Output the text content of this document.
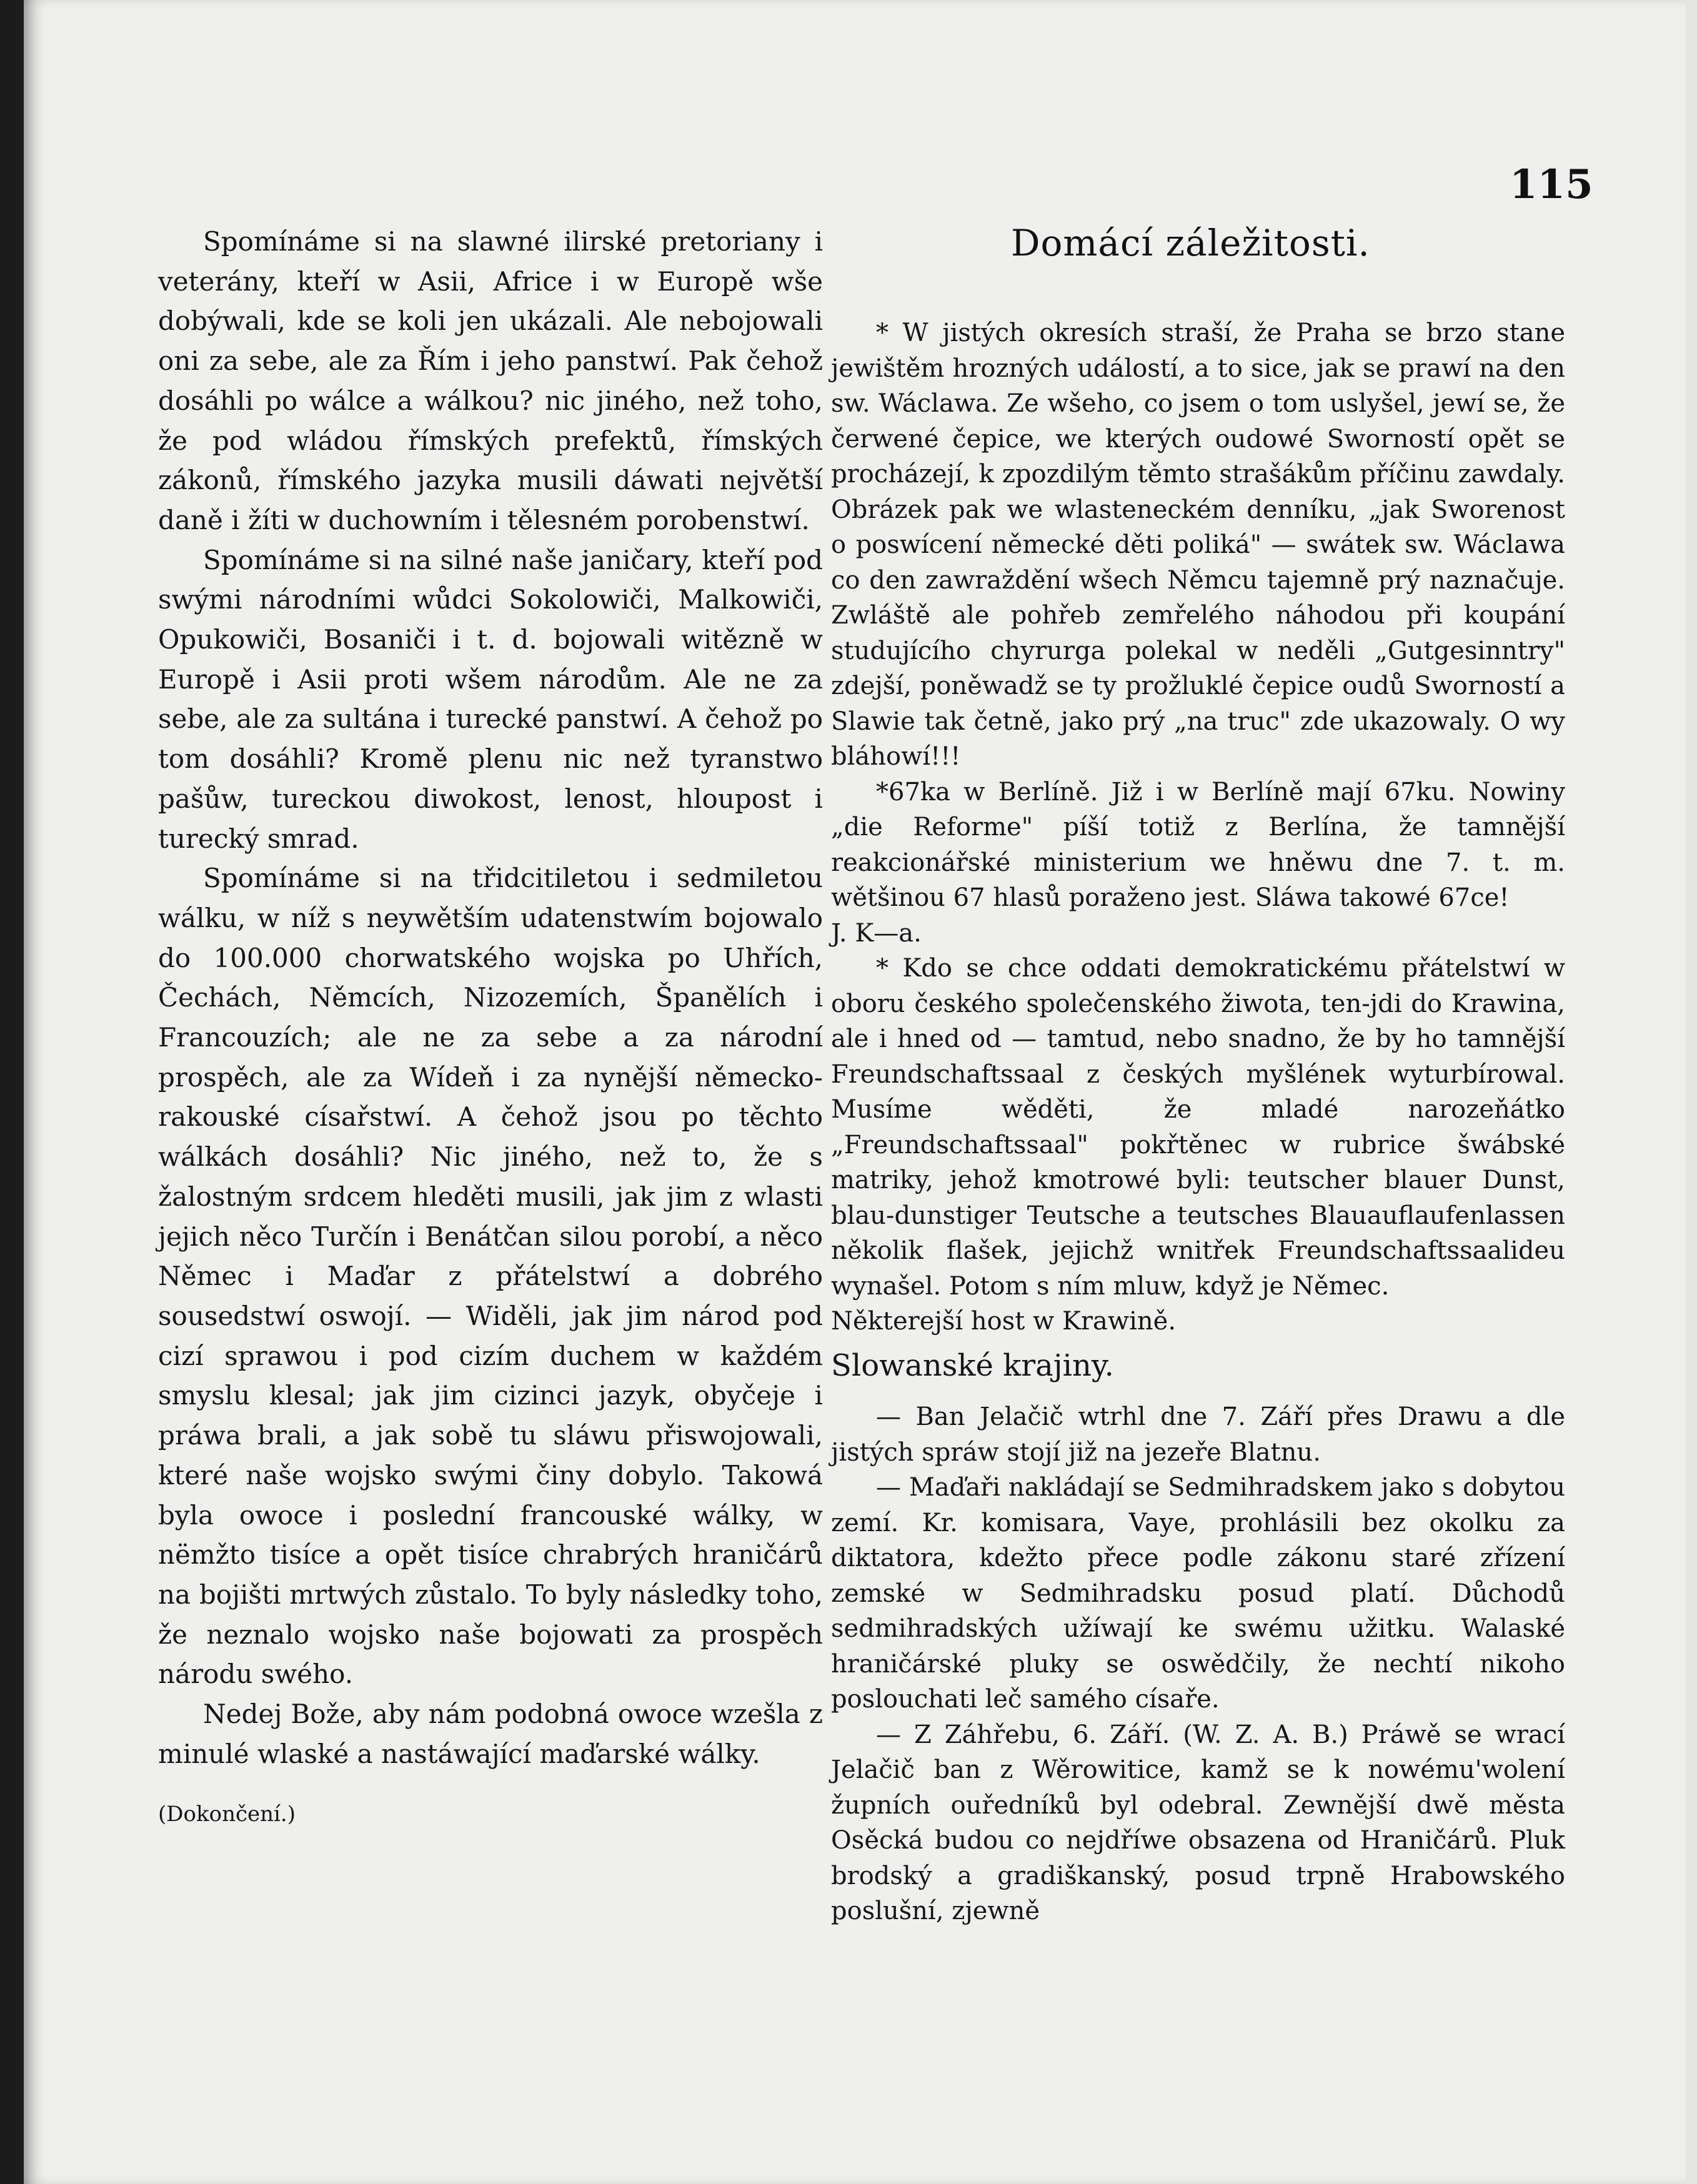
115

Spomínáme si na slawné ilirské pretoriany i veterány, kteří w Asii, Africe i w Europě wše dobýwali, kde se koli jen ukázali. Ale nebojowali oni za sebe, ale za Řím i jeho panstwí. Pak čehož dosáhli po wálce a wálkou? nic jiného, než toho, že pod wládou římských prefektů, římských zákonů, římského jazyka musili dáwati největší daně i žíti w duchowním i tělesném porobenstwí.

Spomínáme si na silné naše janičary, kteří pod swými národními wůdci Sokolowiči, Malkowiči, Opukowiči, Bosaniči i t. d. bojowali witězně w Europě i Asii proti wšem národům. Ale ne za sebe, ale za sultána i turecké panstwí. A čehož po tom dosáhli? Kromě plenu nic než tyranstwo pašůw, tureckou diwokost, lenost, hloupost i turecký smrad.

Spomínáme si na třidcitiletou i sedmiletou wálku, w níž s neywětším udatenstwím bojowalo do 100.000 chorwatského wojska po Uhřích, Čechách, Němcích, Nizozemích, Španělích i Francouzích; ale ne za sebe a za národní prospěch, ale za Wídeň i za nynější německo- rakouské císařstwí. A čehož jsou po těchto wálkách dosáhli? Nic jiného, než to, že s žalostným srdcem hleděti musili, jak jim z wlasti jejich něco Turčín i Benátčan silou porobí, a něco Němec i Maďar z přátelstwí a dobrého sousedstwí oswojí. — Widěli, jak jim národ pod cizí sprawou i pod cizím duchem w každém smyslu klesal; jak jim cizinci jazyk, obyčeje i práwa brali, a jak sobě tu sláwu přiswojowali, které naše wojsko swými činy dobylo. Takowá byla owoce i poslední francouské wálky, w nëmžto tisíce a opět tisíce chrabrých hraničárů na bojišti mrtwých zůstalo. To byly následky toho, že neznalo wojsko naše bojowati za prospěch národu swého.

Nedej Bože, aby nám podobná owoce wzešla z minulé wlaské a nastáwající maďarské wálky.

(Dokončení.)

Domácí záležitosti.

* W jistých okresích straší, že Praha se brzo stane jewištěm hrozných událostí, a to sice, jak se prawí na den sw. Wáclawa. Ze wšeho, co jsem o tom uslyšel, jewí se, že čerwené čepice, we kterých oudowé Sworností opět se procházejí, k zpozdilým těmto strašákům příčinu zawdaly. Obrázek pak we wlasteneckém denníku, „jak Sworenost o poswícení německé děti poliká" — swátek sw. Wáclawa co den zawraždění wšech Němcu tajemně prý naznačuje. Zwláště ale pohřeb zemřelého náhodou při koupání studujícího chyrurga polekal w neděli „Gutgesinntry" zdejší, poněwadž se ty prožluklé čepice oudů Sworností a Slawie tak četně, jako prý „na truc" zde ukazowaly. O wy bláhowí!!!

*67ka w Berlíně. Již i w Berlíně mají 67ku. Nowiny „die Reforme" píší totiž z Berlína, že tamnější reakcionářské ministerium we hněwu dne 7. t. m. wětšinou 67 hlasů poraženo jest. Sláwa takowé 67ce!

J. K—a.

* Kdo se chce oddati demokratickému přátelstwí w oboru českého společenského žiwota, ten-jdi do Krawina, ale i hned od — tamtud, nebo snadno, že by ho tamnější Freundschaftssaal z českých myšlének wyturbírowal. Musíme wěděti, že mladé narozeňátko „Freundschaftssaal" pokřtěnec w rubrice šwábské matriky, jehož kmotrowé byli: teutscher blauer Dunst, blau-dunstiger Teutsche a teutsches Blauauflaufenlassen několik flašek, jejichž wnitřek Freundschaftssaalideu wynašel. Potom s ním mluw, když je Němec.

Některejší host w Krawině.

Slowanské krajiny.

— Ban Jelačič wtrhl dne 7. Září přes Drawu a dle jistých spráw stojí již na jezeře Blatnu.

— Maďaři nakládají se Sedmihradskem jako s dobytou zemí. Kr. komisara, Vaye, prohlásili bez okolku za diktatora, kdežto přece podle zákonu staré zřízení zemské w Sedmihradsku posud platí. Důchodů sedmihradských užíwají ke swému užitku. Walaské hraničárské pluky se oswědčily, že nechtí nikoho poslouchati leč samého císaře.

— Z Záhřebu, 6. Září. (W. Z. A. B.) Práwě se wrací Jelačič ban z Wěrowitice, kamž se k nowému'wolení župních ouředníků byl odebral. Zewnější dwě města Osěcká budou co nejdříwe obsazena od Hraničárů. Pluk brodský a gradiškanský, posud trpně Hrabowského poslušní, zjewně
